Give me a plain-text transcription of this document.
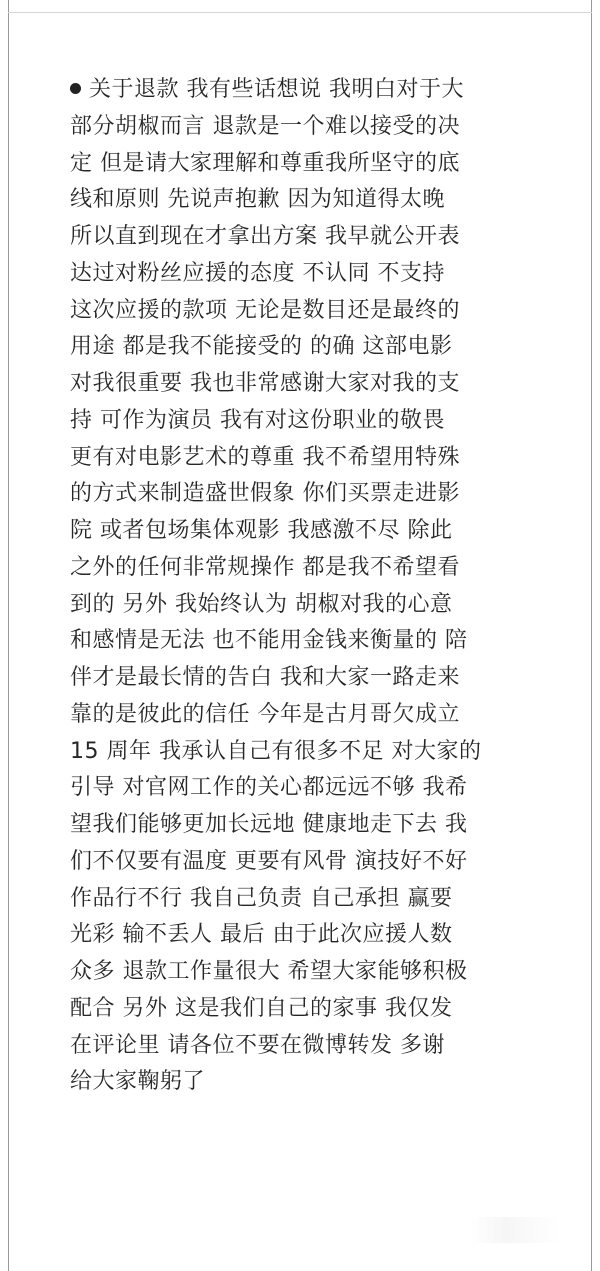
关于退款 我有些话想说 我明白对于大
部分胡椒而言 退款是一个难以接受的决
定 但是请大家理解和尊重我所坚守的底
线和原则 先说声抱歉 因为知道得太晚
所以直到现在才拿出方案 我早就公开表
达过对粉丝应援的态度 不认同 不支持
这次应援的款项 无论是数目还是最终的
用途 都是我不能接受的 的确 这部电影
对我很重要 我也非常感谢大家对我的支
持 可作为演员 我有对这份职业的敬畏
更有对电影艺术的尊重 我不希望用特殊
的方式来制造盛世假象 你们买票走进影
院 或者包场集体观影 我感激不尽 除此
之外的任何非常规操作 都是我不希望看
到的 另外 我始终认为 胡椒对我的心意
和感情是无法 也不能用金钱来衡量的 陪
伴才是最长情的告白 我和大家一路走来
靠的是彼此的信任 今年是古月哥欠成立
15 周年 我承认自己有很多不足 对大家的
引导 对官网工作的关心都远远不够 我希
望我们能够更加长远地 健康地走下去 我
们不仅要有温度 更要有风骨 演技好不好
作品行不行 我自己负责 自己承担 赢要
光彩 输不丢人 最后 由于此次应援人数
众多 退款工作量很大 希望大家能够积极
配合 另外 这是我们自己的家事 我仅发
在评论里 请各位不要在微博转发 多谢
给大家鞠躬了
